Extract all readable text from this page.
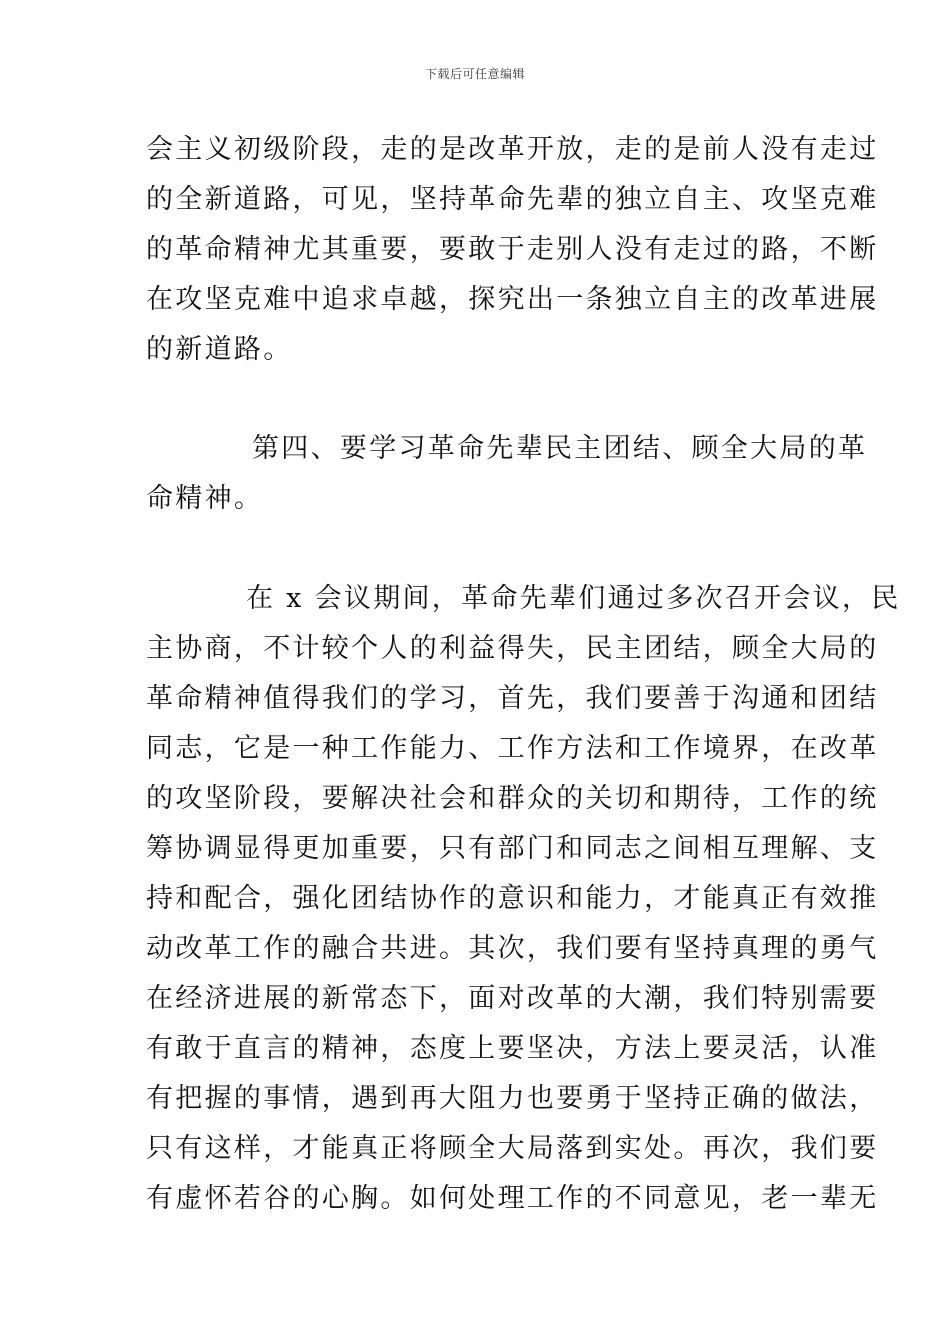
下载后可任意编辑
会主义初级阶段，走的是改革开放，走的是前人没有走过
的全新道路，可见，坚持革命先辈的独立自主、攻坚克难
的革命精神尤其重要，要敢于走别人没有走过的路，不断
在攻坚克难中追求卓越，探究出一条独立自主的改革进展
的新道路。
第四、要学习革命先辈民主团结、顾全大局的革
命精神。
在 x 会议期间，革命先辈们通过多次召开会议，民
主协商，不计较个人的利益得失，民主团结，顾全大局的
革命精神值得我们的学习，首先，我们要善于沟通和团结
同志，它是一种工作能力、工作方法和工作境界，在改革
的攻坚阶段，要解决社会和群众的关切和期待，工作的统
筹协调显得更加重要，只有部门和同志之间相互理解、支
持和配合，强化团结协作的意识和能力，才能真正有效推
动改革工作的融合共进。其次，我们要有坚持真理的勇气
在经济进展的新常态下，面对改革的大潮，我们特别需要
有敢于直言的精神，态度上要坚决，方法上要灵活，认准
有把握的事情，遇到再大阻力也要勇于坚持正确的做法，
只有这样，才能真正将顾全大局落到实处。再次，我们要
有虚怀若谷的心胸。如何处理工作的不同意见，老一辈无
